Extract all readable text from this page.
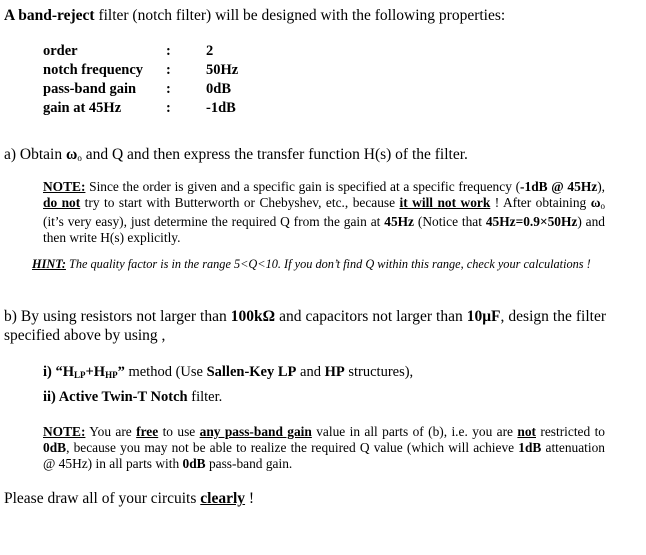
A band-reject filter (notch filter) will be designed with the following properties:
order	:	2
notch frequency	:	50Hz
pass-band gain	:	0dB
gain at 45Hz	:	-1dB
a) Obtain $\omega_o$ and Q and then express the transfer function H(s) of the filter.
NOTE: Since the order is given and a specific gain is specified at a specific frequency (-1dB @ 45Hz), do not try to start with Butterworth or Chebyshev, etc., because it will not work ! After obtaining $\omega_o$ (it’s very easy), just determine the required Q from the gain at 45Hz (Notice that 45Hz=0.9×50Hz) and then write H(s) explicitly.
HINT: The quality factor is in the range 5<Q<10. If you don’t find Q within this range, check your calculations !
b) By using resistors not larger than 100kΩ and capacitors not larger than 10μF, design the filter specified above by using ,
i) “$H_{LP}+H_{HP}$” method (Use Sallen-Key LP and HP structures),
ii) Active Twin-T Notch filter.
NOTE: You are free to use any pass-band gain value in all parts of (b), i.e. you are not restricted to 0dB, because you may not be able to realize the required Q value (which will achieve 1dB attenuation @ 45Hz) in all parts with 0dB pass-band gain.
Please draw all of your circuits clearly !
